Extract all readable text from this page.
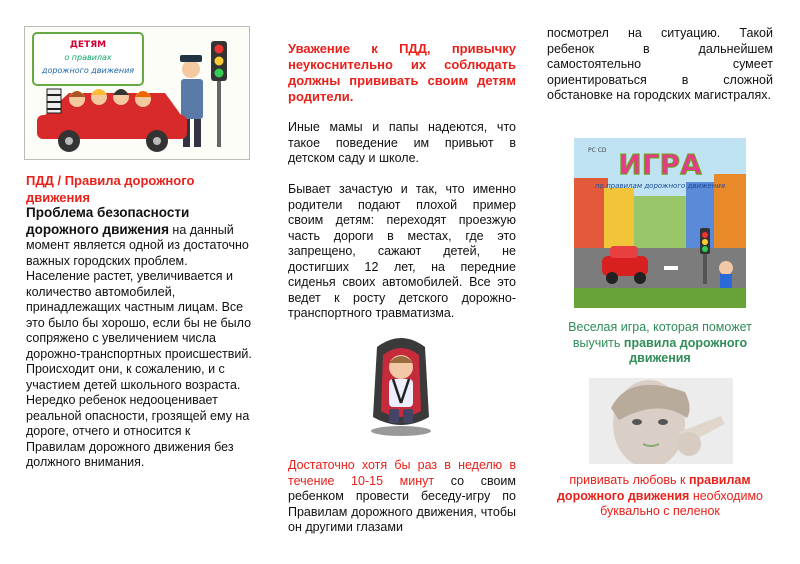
ДЕТЯМ
о правилах
дорожного движения
ПДД / Правила дорожного движения

Проблема безопасности дорожного движения на данный момент является одной из достаточно важных городских проблем.

Население растет, увеличивается и количество автомобилей, принадлежащих частным лицам. Все это было бы хорошо, если бы не было сопряжено с увеличением числа дорожно-транспортных происшествий. Происходит они, к сожалению, и с участием детей школьного возраста. Нередко ребенок недооценивает реальной опасности, грозящей ему на дороге, отчего и относится к Правилам дорожного движения без должного внимания.

Уважение к ПДД, привычку неукоснительно их соблюдать должны прививать своим детям родители.

Иные мамы и папы надеются, что такое поведение им привьют в детском саду и школе.

Бывает зачастую и так, что именно родители подают плохой пример своим детям: переходят проезжую часть дороги в местах, где это запрещено, сажают детей, не достигших 12 лет, на передние сиденья своих автомобилей. Все это ведет к росту детского дорожно-транспортного травматизма.

Достаточно хотя бы раз в неделю в течение 10-15 минут со своим ребенком провести беседу-игру по Правилам дорожного движения, чтобы он другими глазами

посмотрел на ситуацию. Такой ребенок в дальнейшем самостоятельно сумеет ориентироваться в сложной обстановке на городских магистралях.

ИГРА
по правилам дорожного движения
PC CD

Веселая игра, которая поможет выучить правила дорожного движения

прививать любовь к правилам дорожного движения необходимо буквально с пеленок
